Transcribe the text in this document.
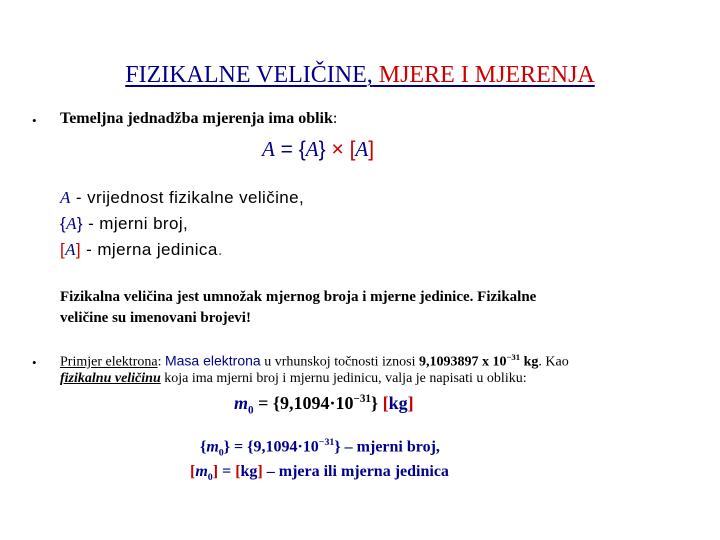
FIZIKALNE VELIČINE, MJERE I MJERENJA
• Temeljna jednadžba mjerenja ima oblik:
A = {A} × [A]
A - vrijednost fizikalne veličine,
{A} - mjerni broj,
[A] - mjerna jedinica.
Fizikalna veličina jest umnožak mjernog broja i mjerne jedinice. Fizikalne
veličine su imenovani brojevi!
• Primjer elektrona: Masa elektrona u vrhunskoj točnosti iznosi 9,1093897 x $10^{-31}$ kg. Kao
fizikalnu veličinu koja ima mjerni broj i mjernu jedinicu, valja je napisati u obliku:
$m_0 = \{9,1094\cdot 10^{-31}\}$ [kg]
$\{m_0\} = \{9,1094\cdot 10^{-31}\}$ – mjerni broj,
$[m_0] = [kg]$ – mjera ili mjerna jedinica
